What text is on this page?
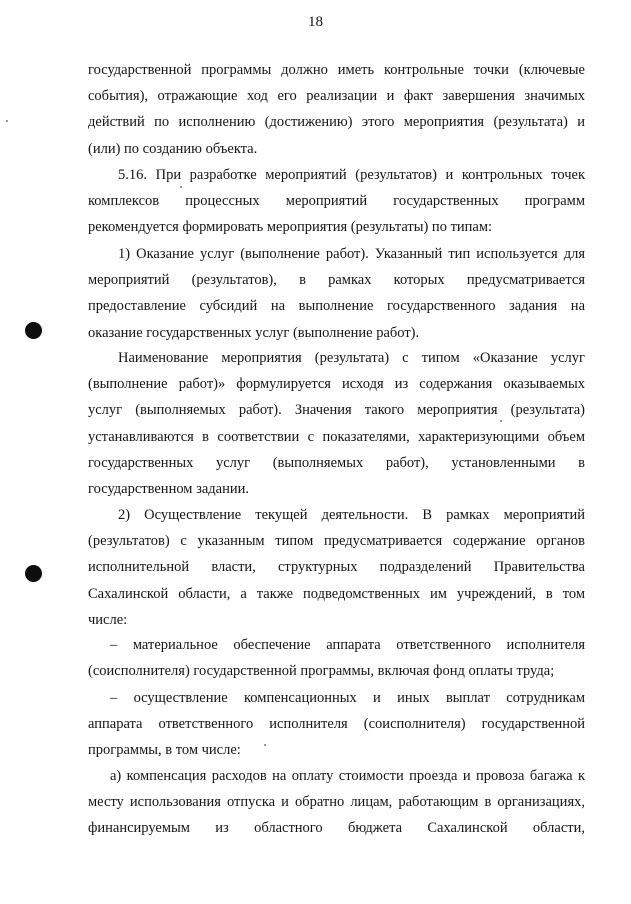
18

государственной программы должно иметь контрольные точки (ключевые
события), отражающие ход его реализации и факт завершения значимых
действий по исполнению (достижению) этого мероприятия (результата) и
(или) по созданию объекта.

5.16. При разработке мероприятий (результатов) и контрольных точек
комплексов процессных мероприятий государственных программ
рекомендуется формировать мероприятия (результаты) по типам:

1) Оказание услуг (выполнение работ). Указанный тип используется для
мероприятий (результатов), в рамках которых предусматривается
предоставление субсидий на выполнение государственного задания на
оказание государственных услуг (выполнение работ).

Наименование мероприятия (результата) с типом «Оказание услуг
(выполнение работ)» формулируется исходя из содержания оказываемых
услуг (выполняемых работ). Значения такого мероприятия (результата)
устанавливаются в соответствии с показателями, характеризующими объем
государственных услуг (выполняемых работ), установленными в
государственном задании.

2) Осуществление текущей деятельности. В рамках мероприятий
(результатов) с указанным типом предусматривается содержание органов
исполнительной власти, структурных подразделений Правительства
Сахалинской области, а также подведомственных им учреждений, в том
числе:

– материальное обеспечение аппарата ответственного исполнителя
(соисполнителя) государственной программы, включая фонд оплаты труда;

– осуществление компенсационных и иных выплат сотрудникам
аппарата ответственного исполнителя (соисполнителя) государственной
программы, в том числе:

а) компенсация расходов на оплату стоимости проезда и провоза багажа к
месту использования отпуска и обратно лицам, работающим в организациях,
финансируемым из областного бюджета Сахалинской области,
